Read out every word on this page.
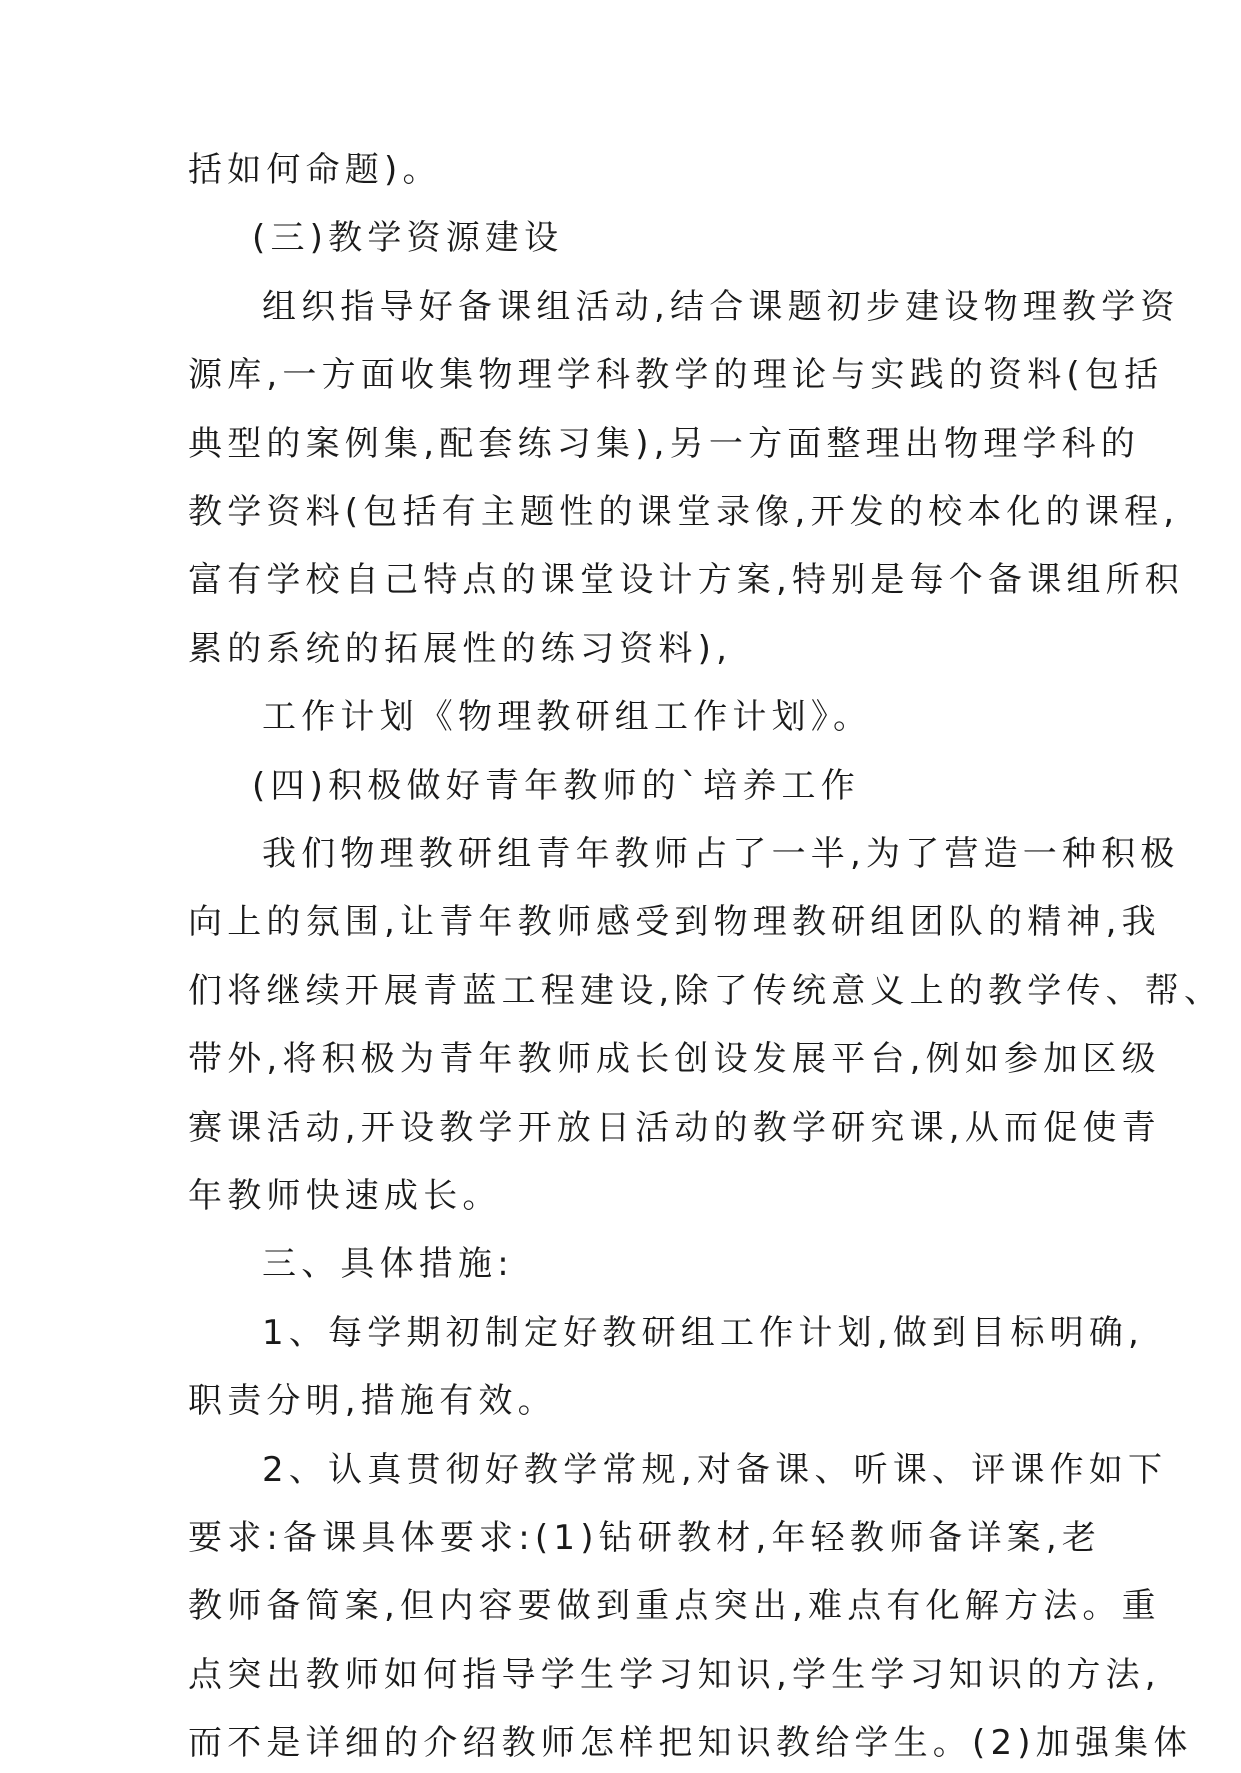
括如何命题)。
(三)教学资源建设
组织指导好备课组活动,结合课题初步建设物理教学资
源库,一方面收集物理学科教学的理论与实践的资料(包括
典型的案例集,配套练习集),另一方面整理出物理学科的
教学资料(包括有主题性的课堂录像,开发的校本化的课程,
富有学校自己特点的课堂设计方案,特别是每个备课组所积
累的系统的拓展性的练习资料),
工作计划《物理教研组工作计划》。
(四)积极做好青年教师的`培养工作
我们物理教研组青年教师占了一半,为了营造一种积极
向上的氛围,让青年教师感受到物理教研组团队的精神,我
们将继续开展青蓝工程建设,除了传统意义上的教学传、帮、
带外,将积极为青年教师成长创设发展平台,例如参加区级
赛课活动,开设教学开放日活动的教学研究课,从而促使青
年教师快速成长。
三、具体措施:
1、每学期初制定好教研组工作计划,做到目标明确,
职责分明,措施有效。
2、认真贯彻好教学常规,对备课、听课、评课作如下
要求:备课具体要求:(1)钻研教材,年轻教师备详案,老
教师备简案,但内容要做到重点突出,难点有化解方法。重
点突出教师如何指导学生学习知识,学生学习知识的方法,
而不是详细的介绍教师怎样把知识教给学生。(2)加强集体
